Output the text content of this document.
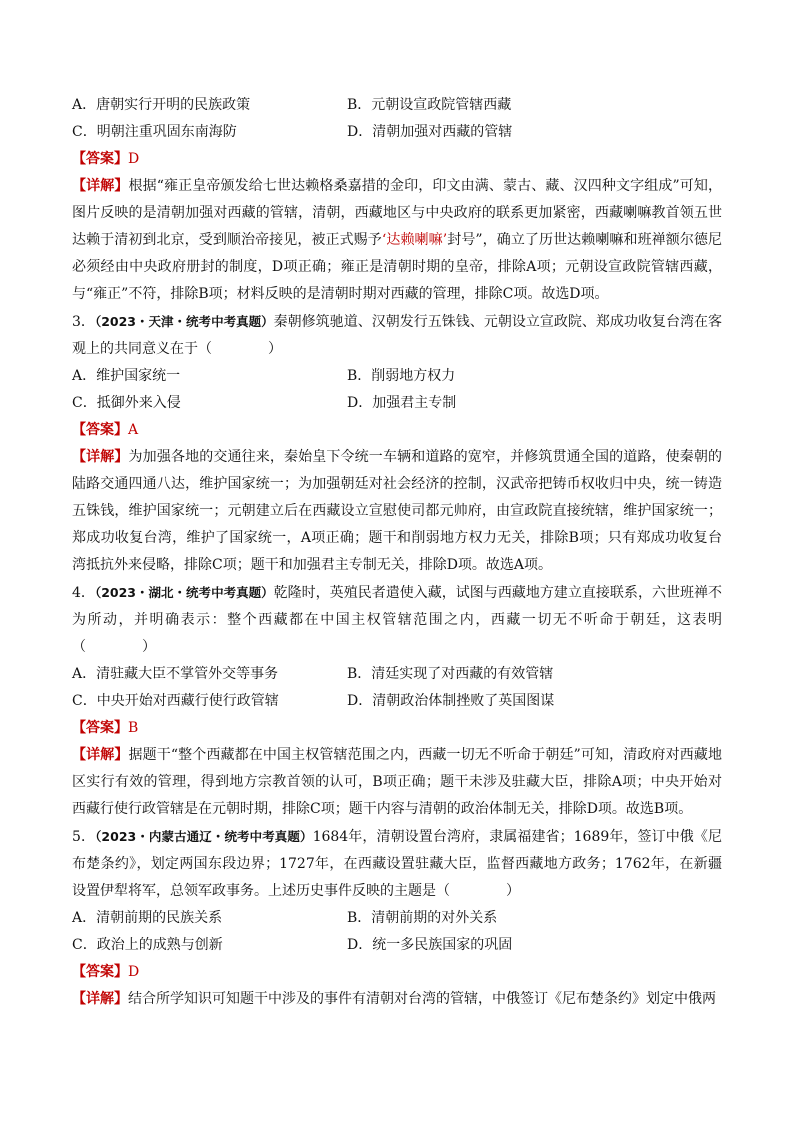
A．唐朝实行开明的民族政策	B．元朝设宣政院管辖西藏
C．明朝注重巩固东南海防	D．清朝加强对西藏的管辖
【答案】D
【详解】根据“雍正皇帝颁发给七世达赖格桑嘉措的金印，印文由满、蒙古、藏、汉四种文字组成”可知，图片反映的是清朝加强对西藏的管辖，清朝，西藏地区与中央政府的联系更加紧密，西藏喇嘛教首领五世达赖于清初到北京，受到顺治帝接见，被正式赐予‘达赖喇嘛’封号”，确立了历世达赖喇嘛和班禅额尔德尼必须经由中央政府册封的制度，D项正确；雍正是清朝时期的皇帝，排除A项；元朝设宣政院管辖西藏，与“雍正”不符，排除B项；材料反映的是清朝时期对西藏的管理，排除C项。故选D项。
3．（2023・天津・统考中考真题）秦朝修筑驰道、汉朝发行五铢钱、元朝设立宣政院、郑成功收复台湾在客观上的共同意义在于（　　　　）
A．维护国家统一	B．削弱地方权力
C．抵御外来入侵	D．加强君主专制
【答案】A
【详解】为加强各地的交通往来，秦始皇下令统一车辆和道路的宽窄，并修筑贯通全国的道路，使秦朝的陆路交通四通八达，维护国家统一；为加强朝廷对社会经济的控制，汉武帝把铸币权收归中央，统一铸造五铢钱，维护国家统一；元朝建立后在西藏设立宣慰使司都元帅府，由宣政院直接统辖，维护国家统一；郑成功收复台湾，维护了国家统一，A项正确；题干和削弱地方权力无关，排除B项；只有郑成功收复台湾抵抗外来侵略，排除C项；题干和加强君主专制无关，排除D项。故选A项。
4．（2023・湖北・统考中考真题）乾隆时，英殖民者遣使入藏，试图与西藏地方建立直接联系，六世班禅不为所动，并明确表示：整个西藏都在中国主权管辖范围之内，西藏一切无不听命于朝廷，这表明（　　　　）
A．清驻藏大臣不掌管外交等事务	B．清廷实现了对西藏的有效管辖
C．中央开始对西藏行使行政管辖	D．清朝政治体制挫败了英国图谋
【答案】B
【详解】据题干“整个西藏都在中国主权管辖范围之内，西藏一切无不听命于朝廷”可知，清政府对西藏地区实行有效的管理，得到地方宗教首领的认可，B项正确；题干未涉及驻藏大臣，排除A项；中央开始对西藏行使行政管辖是在元朝时期，排除C项；题干内容与清朝的政治体制无关，排除D项。故选B项。
5．（2023・内蒙古通辽・统考中考真题）1684年，清朝设置台湾府，隶属福建省；1689年，签订中俄《尼布楚条约》，划定两国东段边界；1727年，在西藏设置驻藏大臣，监督西藏地方政务；1762年，在新疆设置伊犁将军，总领军政事务。上述历史事件反映的主题是（　　　　）
A．清朝前期的民族关系	B．清朝前期的对外关系
C．政治上的成熟与创新	D．统一多民族国家的巩固
【答案】D
【详解】结合所学知识可知题干中涉及的事件有清朝对台湾的管辖，中俄签订《尼布楚条约》划定中俄两
